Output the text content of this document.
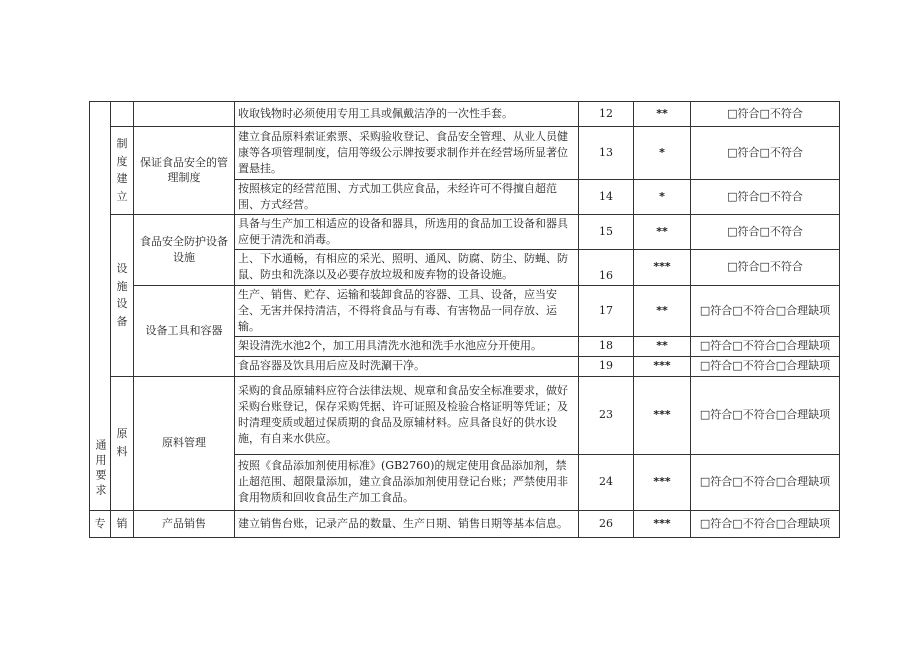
通用要求			收取钱物时必须使用专用工具或佩戴洁净的一次性手套。	12	**	□符合□不符合
	制度建立	保证食品安全的管理制度	建立食品原料索证索票、采购验收登记、食品安全管理、从业人员健康等各项管理制度，信用等级公示牌按要求制作并在经营场所显著位置悬挂。	13	*	□符合□不符合
			按照核定的经营范围、方式加工供应食品，未经许可不得擅自超范围、方式经营。	14	*	□符合□不符合
	设施设备	食品安全防护设备设施	具备与生产加工相适应的设备和器具，所选用的食品加工设备和器具应便于清洗和消毒。	15	**	□符合□不符合
			上、下水通畅，有相应的采光、照明、通风、防腐、防尘、防蝇、防鼠、防虫和洗涤以及必要存放垃圾和废弃物的设备设施。	16	***	□符合□不符合
		设备工具和容器	生产、销售、贮存、运输和装卸食品的容器、工具、设备，应当安全、无害并保持清洁，不得将食品与有毒、有害物品一同存放、运输。	17	**	□符合□不符合□合理缺项
			架设清洗水池2个，加工用具清洗水池和洗手水池应分开使用。	18	**	□符合□不符合□合理缺项
			食品容器及饮具用后应及时洗涮干净。	19	***	□符合□不符合□合理缺项
	原料	原料管理	采购的食品原辅料应符合法律法规、规章和食品安全标准要求，做好采购台账登记，保存采购凭据、许可证照及检验合格证明等凭证；及时清理变质或超过保质期的食品及原辅材料。应具备良好的供水设施，有自来水供应。	23	***	□符合□不符合□合理缺项
			按照《食品添加剂使用标准》(GB2760)的规定使用食品添加剂，禁止超范围、超限量添加，建立食品添加剂使用登记台账；严禁使用非食用物质和回收食品生产加工食品。	24	***	□符合□不符合□合理缺项
专	销	产品销售	建立销售台账，记录产品的数量、生产日期、销售日期等基本信息。	26	***	□符合□不符合□合理缺项
